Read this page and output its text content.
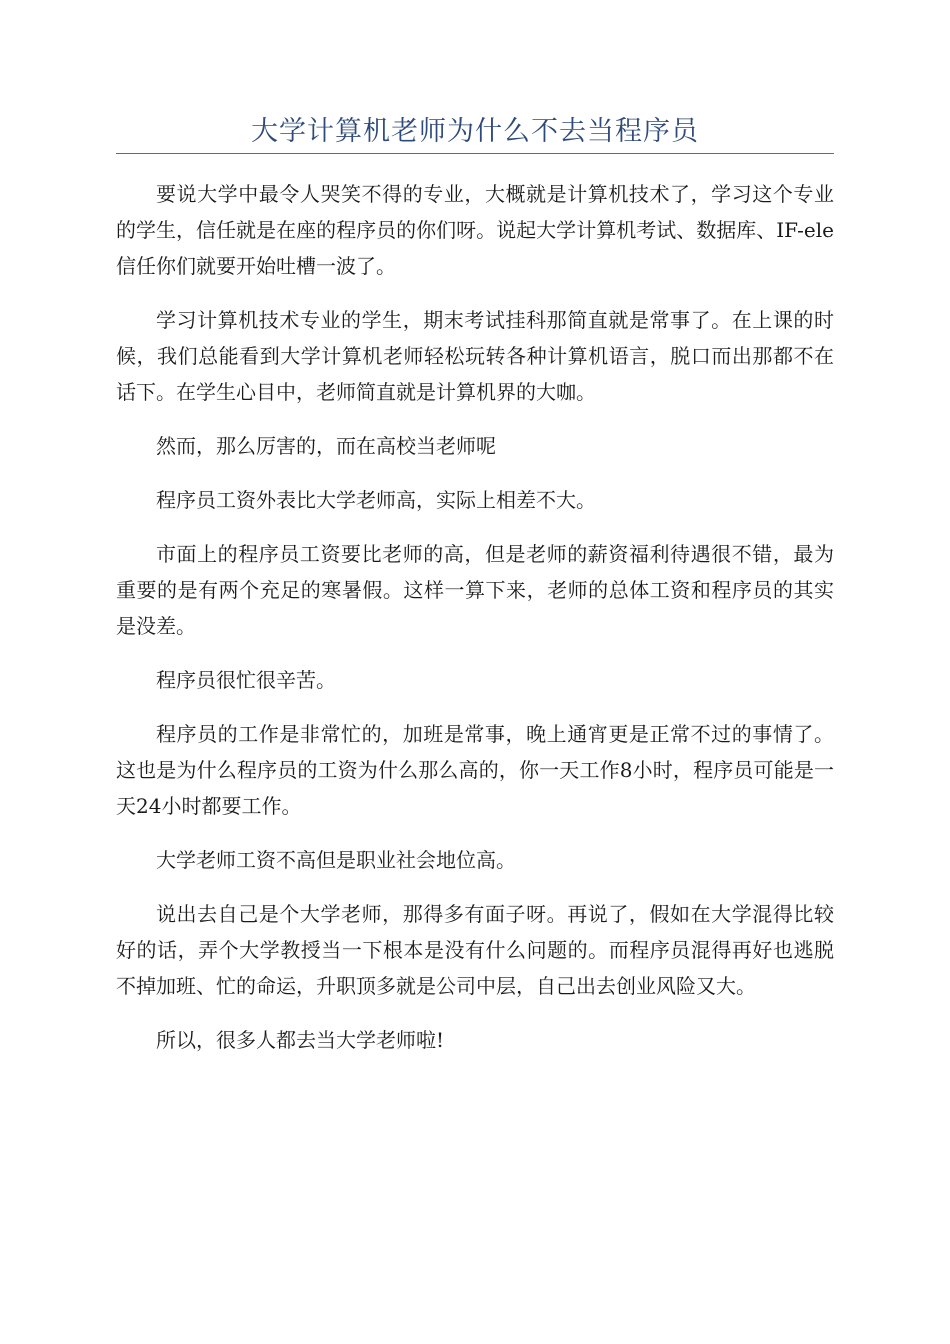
大学计算机老师为什么不去当程序员

要说大学中最令人哭笑不得的专业，大概就是计算机技术了，学习这个专业的学生，信任就是在座的程序员的你们呀。说起大学计算机考试、数据库、IF-ele信任你们就要开始吐槽一波了。

学习计算机技术专业的学生，期末考试挂科那简直就是常事了。在上课的时候，我们总能看到大学计算机老师轻松玩转各种计算机语言，脱口而出那都不在话下。在学生心目中，老师简直就是计算机界的大咖。

然而，那么厉害的，而在高校当老师呢

程序员工资外表比大学老师高，实际上相差不大。

市面上的程序员工资要比老师的高，但是老师的薪资福利待遇很不错，最为重要的是有两个充足的寒暑假。这样一算下来，老师的总体工资和程序员的其实是没差。

程序员很忙很辛苦。

程序员的工作是非常忙的，加班是常事，晚上通宵更是正常不过的事情了。这也是为什么程序员的工资为什么那么高的，你一天工作8小时，程序员可能是一天24小时都要工作。

大学老师工资不高但是职业社会地位高。

说出去自己是个大学老师，那得多有面子呀。再说了，假如在大学混得比较好的话，弄个大学教授当一下根本是没有什么问题的。而程序员混得再好也逃脱不掉加班、忙的命运，升职顶多就是公司中层，自己出去创业风险又大。

所以，很多人都去当大学老师啦!
